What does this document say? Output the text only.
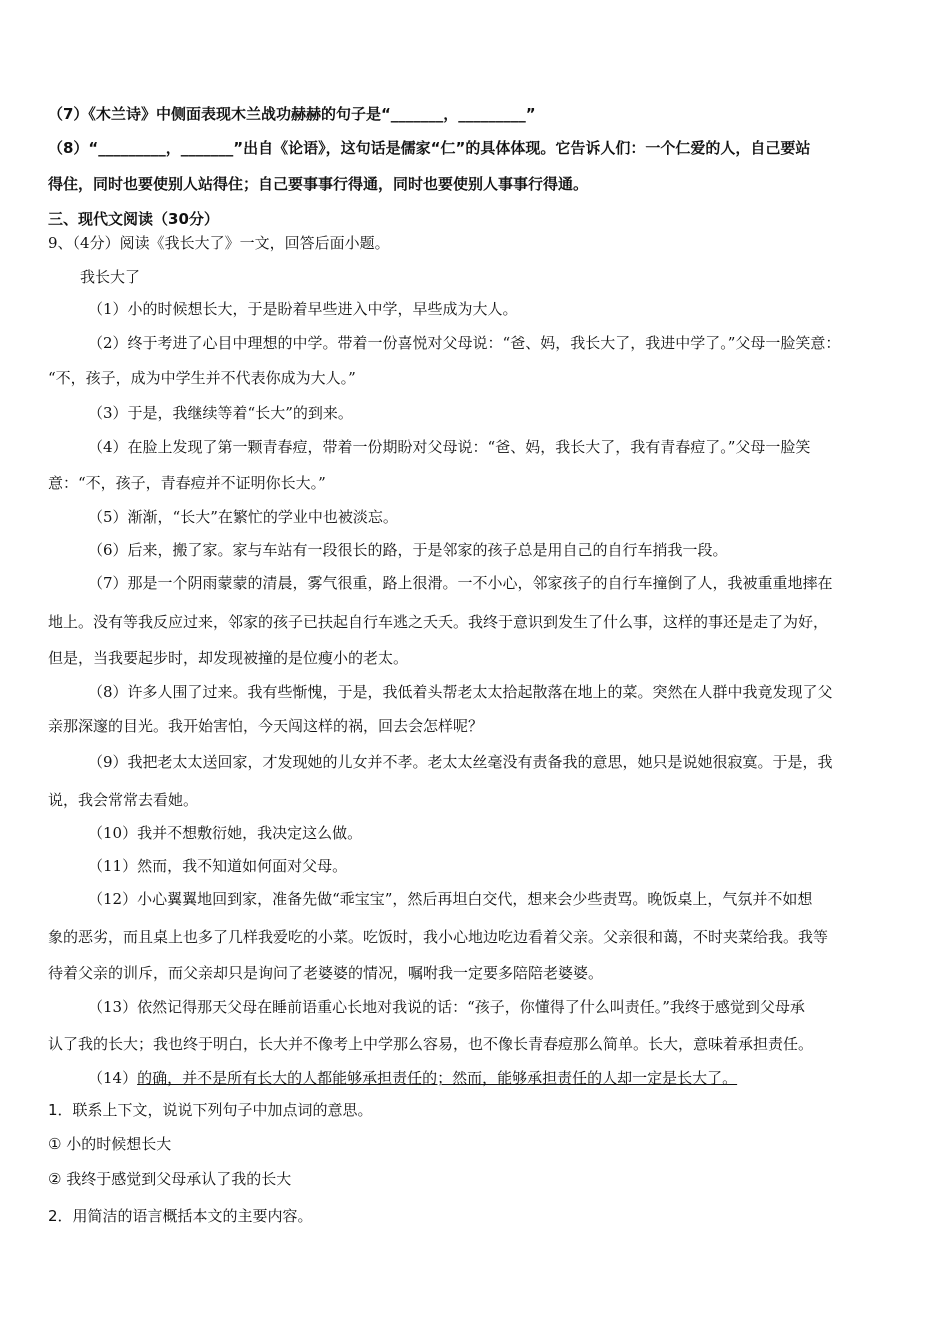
（7）《木兰诗》中侧面表现木兰战功赫赫的句子是“_______，_________”
（8）“_________，_______”出自《论语》，这句话是儒家“仁”的具体体现。它告诉人们：一个仁爱的人，自己要站
得住，同时也要使别人站得住；自己要事事行得通，同时也要使别人事事行得通。
三、现代文阅读（30分）
9、（4分）阅读《我长大了》一文，回答后面小题。
我长大了
（1）小的时候想长大，于是盼着早些进入中学，早些成为大人。
（2）终于考进了心目中理想的中学。带着一份喜悦对父母说：“爸、妈，我长大了，我进中学了。”父母一脸笑意：
“不，孩子，成为中学生并不代表你成为大人。”
（3）于是，我继续等着“长大”的到来。
（4）在脸上发现了第一颗青春痘，带着一份期盼对父母说：“爸、妈，我长大了，我有青春痘了。”父母一脸笑
意：“不，孩子，青春痘并不证明你长大。”
（5）渐渐，“长大”在繁忙的学业中也被淡忘。
（6）后来，搬了家。家与车站有一段很长的路，于是邻家的孩子总是用自己的自行车捎我一段。
（7）那是一个阴雨蒙蒙的清晨，雾气很重，路上很滑。一不小心，邻家孩子的自行车撞倒了人，我被重重地摔在
地上。没有等我反应过来，邻家的孩子已扶起自行车逃之夭夭。我终于意识到发生了什么事，这样的事还是走了为好，
但是，当我要起步时，却发现被撞的是位瘦小的老太。
（8）许多人围了过来。我有些惭愧，于是，我低着头帮老太太拾起散落在地上的菜。突然在人群中我竟发现了父
亲那深邃的目光。我开始害怕，今天闯这样的祸，回去会怎样呢？
（9）我把老太太送回家，才发现她的儿女并不孝。老太太丝毫没有责备我的意思，她只是说她很寂寞。于是，我
说，我会常常去看她。
（10）我并不想敷衍她，我决定这么做。
（11）然而，我不知道如何面对父母。
（12）小心翼翼地回到家，准备先做“乖宝宝”，然后再坦白交代，想来会少些责骂。晚饭桌上，气氛并不如想
象的恶劣，而且桌上也多了几样我爱吃的小菜。吃饭时，我小心地边吃边看着父亲。父亲很和蔼，不时夹菜给我。我等
待着父亲的训斥，而父亲却只是询问了老婆婆的情况，嘱咐我一定要多陪陪老婆婆。
（13）依然记得那天父母在睡前语重心长地对我说的话：“孩子，你懂得了什么叫责任。”我终于感觉到父母承
认了我的长大；我也终于明白，长大并不像考上中学那么容易，也不像长青春痘那么简单。长大，意味着承担责任。
（14）的确，并不是所有长大的人都能够承担责任的；然而，能够承担责任的人却一定是长大了。
1．联系上下文，说说下列句子中加点词的意思。
① 小的时候想长大
② 我终于感觉到父母承认了我的长大
2．用简洁的语言概括本文的主要内容。
